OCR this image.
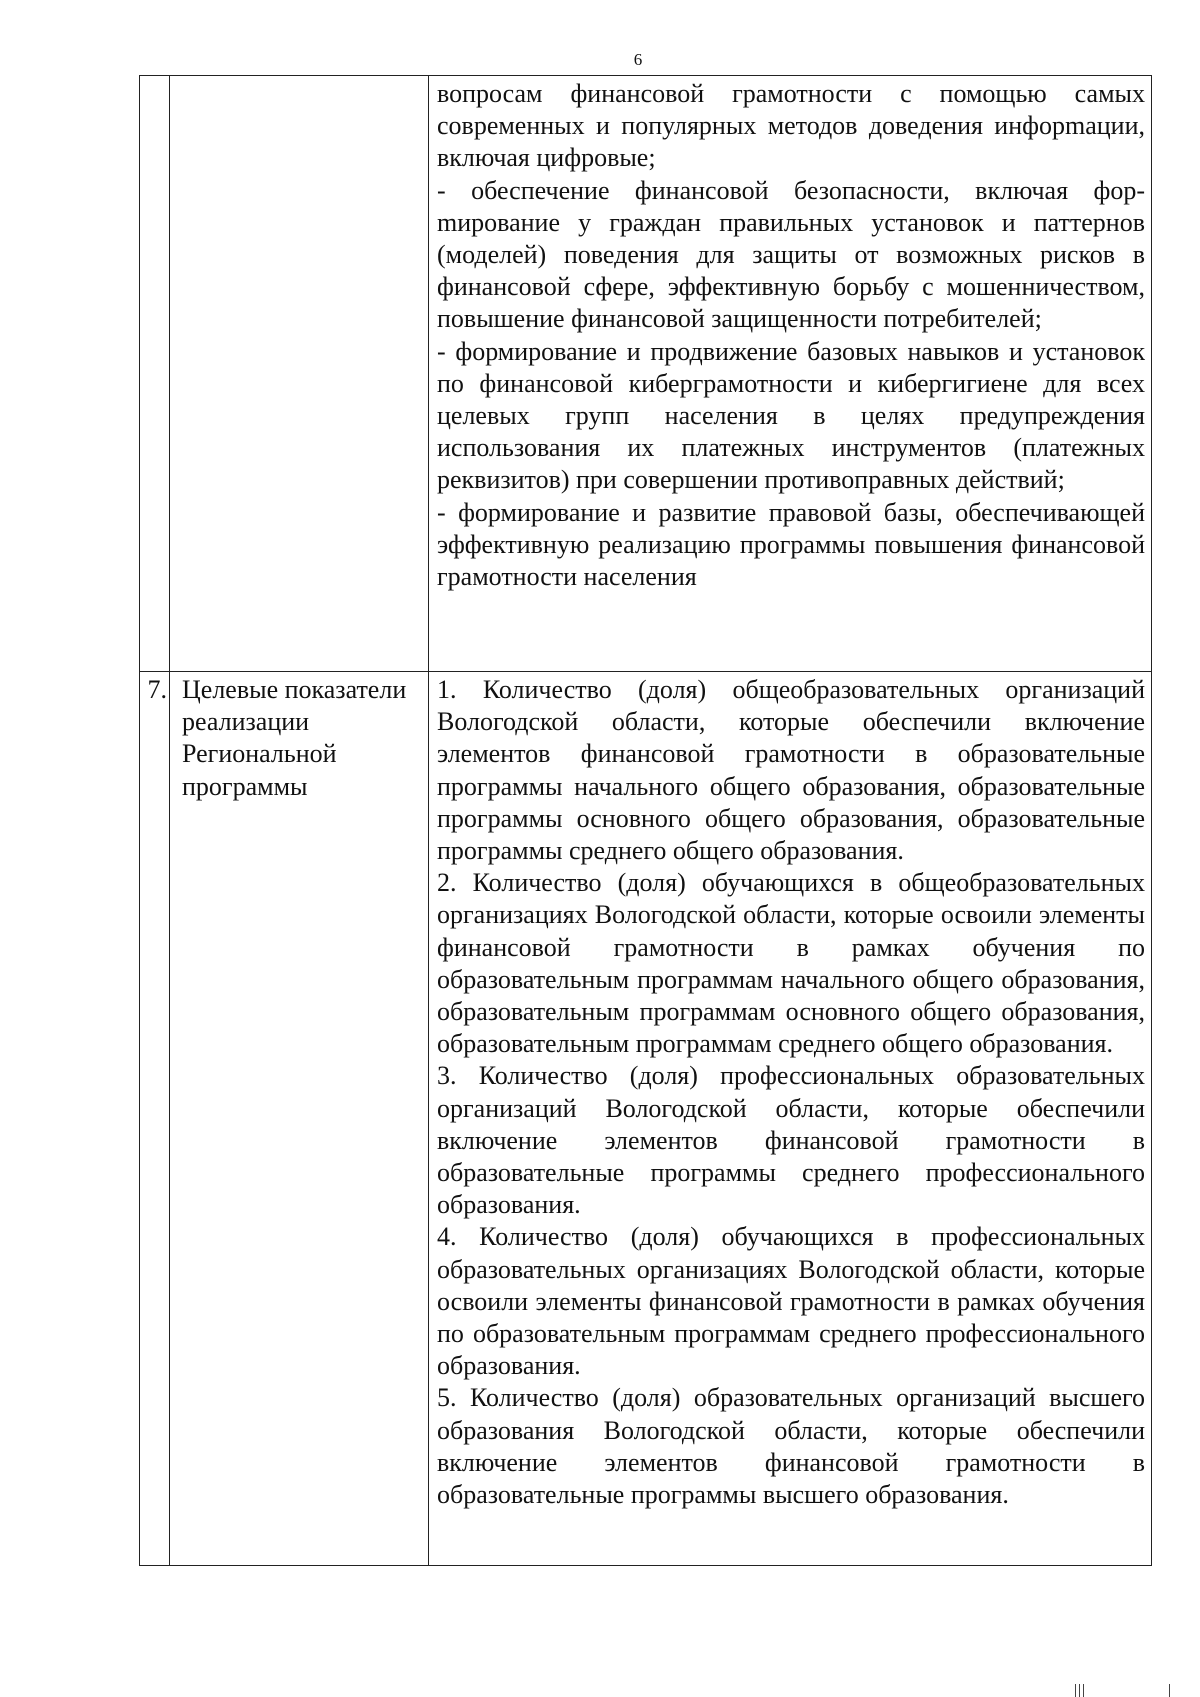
6

		вопросам финансовой грамотности с помощью самых современных и популярных методов доведения инфорmации, включая цифровые;

- обеспечение финансовой безопасности, включая форmирование у граждан правильных установок и паттернов (моделей) поведения для защиты от возможных рисков в финансовой сфере, эффективную борьбу с мошенничеством, повышение финансовой защищенности потребителей;

- формирование и продвижение базовых навыков и установок по финансовой киберграмотности и кибергигиене для всех целевых групп населения в целях предупреждения использования их платежных инструментов (платежных реквизитов) при совершении противоправных действий;

- формирование и развитие правовой базы, обеспечивающей эффективную реализацию программы повышения финансовой грамотности населения

7.	Целевые показатели реализации Региональной программы	1. Количество (доля) общеобразовательных организаций Вологодской области, которые обеспечили включение элементов финансовой грамотности в образовательные программы начального общего образования, образовательные программы основного общего образования, образовательные программы среднего общего образования.

2. Количество (доля) обучающихся в общеобразовательных организациях Вологодской области, которые освоили элементы финансовой грамотности в рамках обучения по образовательным программам начального общего образования, образовательным программам основного общего образования, образовательным программам среднего общего образования.

3. Количество (доля) профессиональных образовательных организаций Вологодской области, которые обеспечили включение элементов финансовой грамотности в образовательные программы среднего профессионального образования.

4. Количество (доля) обучающихся в профессиональных образовательных организациях Вологодской области, которые освоили элементы финансовой грамотности в рамках обучения по образовательным программам среднего профессионального образования.

5. Количество (доля) образовательных организаций высшего образования Вологодской области, которые обеспечили включение элементов финансовой грамотности в образовательные программы высшего образования.
